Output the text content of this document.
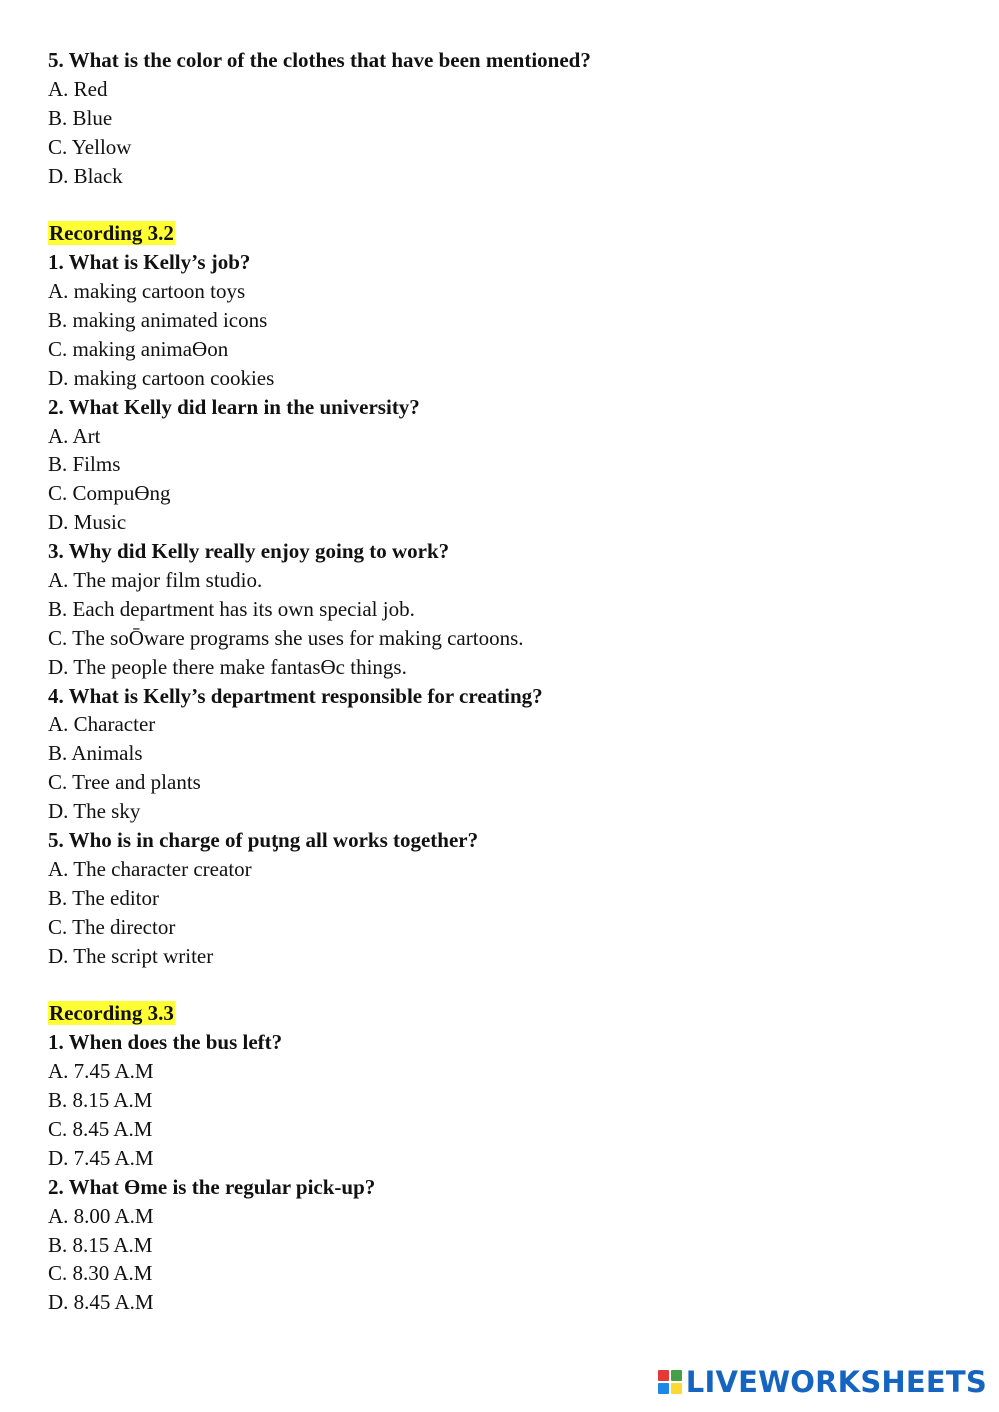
5. What is the color of the clothes that have been mentioned?
A. Red
B. Blue
C. Yellow
D. Black
Recording 3.2
1. What is Kelly’s job?
A. making cartoon toys
B. making animated icons
C. making animaƟon
D. making cartoon cookies
2. What Kelly did learn in the university?
A. Art
B. Films
C. CompuƟng
D. Music
3. Why did Kelly really enjoy going to work?
A. The major film studio.
B. Each department has its own special job.
C. The soŌware programs she uses for making cartoons.
D. The people there make fantasƟc things.
4. What is Kelly’s department responsible for creating?
A. Character
B. Animals
C. Tree and plants
D. The sky
5. Who is in charge of puƫng all works together?
A. The character creator
B. The editor
C. The director
D. The script writer
Recording 3.3
1. When does the bus left?
A. 7.45 A.M
B. 8.15 A.M
C. 8.45 A.M
D. 7.45 A.M
2. What Ɵme is the regular pick-up?
A. 8.00 A.M
B. 8.15 A.M
C. 8.30 A.M
D. 8.45 A.M
LIVEWORKSHEETS
